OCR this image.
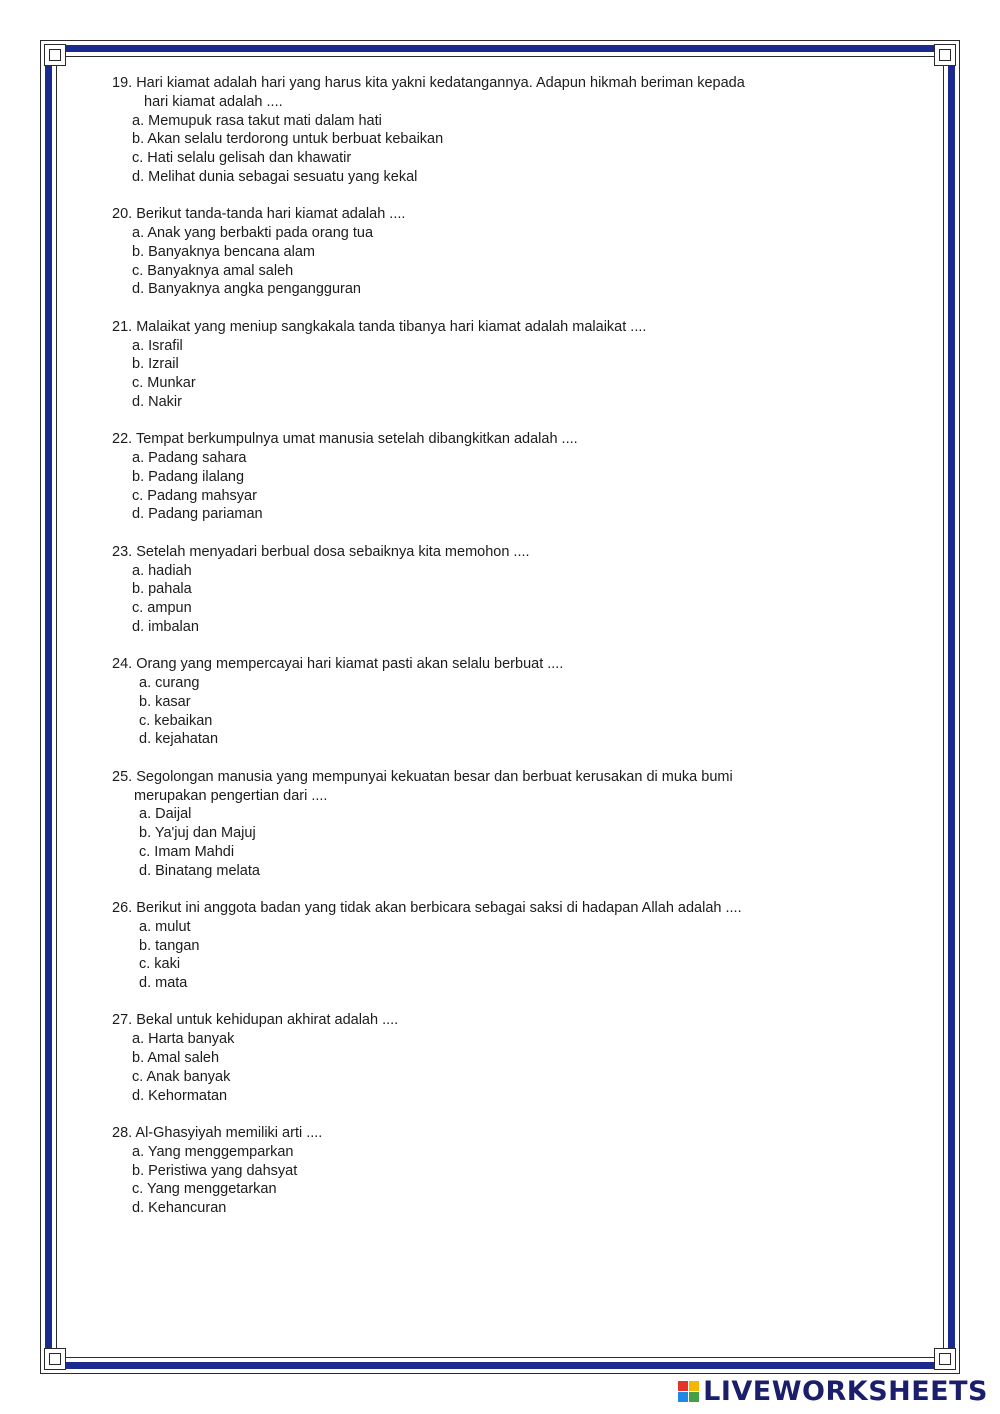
19. Hari kiamat adalah hari yang harus kita yakni kedatangannya. Adapun hikmah beriman kepada
hari kiamat adalah ....
a. Memupuk rasa takut mati dalam hati
b. Akan selalu terdorong untuk berbuat kebaikan
c. Hati selalu gelisah dan khawatir
d. Melihat dunia sebagai sesuatu yang kekal
20. Berikut tanda-tanda hari kiamat adalah ....
a. Anak yang berbakti pada orang tua
b. Banyaknya bencana alam
c. Banyaknya amal saleh
d. Banyaknya angka pengangguran
21. Malaikat yang meniup sangkakala tanda tibanya hari kiamat adalah malaikat ....
a. Israfil
b. Izrail
c. Munkar
d. Nakir
22. Tempat berkumpulnya umat manusia setelah dibangkitkan adalah ....
a. Padang sahara
b. Padang ilalang
c. Padang mahsyar
d. Padang pariaman
23. Setelah menyadari berbual dosa sebaiknya kita memohon ....
a. hadiah
b. pahala
c. ampun
d. imbalan
24. Orang yang mempercayai hari kiamat pasti akan selalu berbuat ....
a. curang
b. kasar
c. kebaikan
d. kejahatan
25. Segolongan manusia yang mempunyai kekuatan besar dan berbuat kerusakan di muka bumi
merupakan pengertian dari ....
a. Daijal
b. Ya'juj dan Majuj
c. Imam Mahdi
d. Binatang melata
26. Berikut ini anggota badan yang tidak akan berbicara sebagai saksi di hadapan Allah adalah ....
a. mulut
b. tangan
c. kaki
d. mata
27. Bekal untuk kehidupan akhirat adalah ....
a. Harta banyak
b. Amal saleh
c. Anak banyak
d. Kehormatan
28. Al-Ghasyiyah memiliki arti ....
a. Yang menggemparkan
b. Peristiwa yang dahsyat
c. Yang menggetarkan
d. Kehancuran
LIVEWORKSHEETS
